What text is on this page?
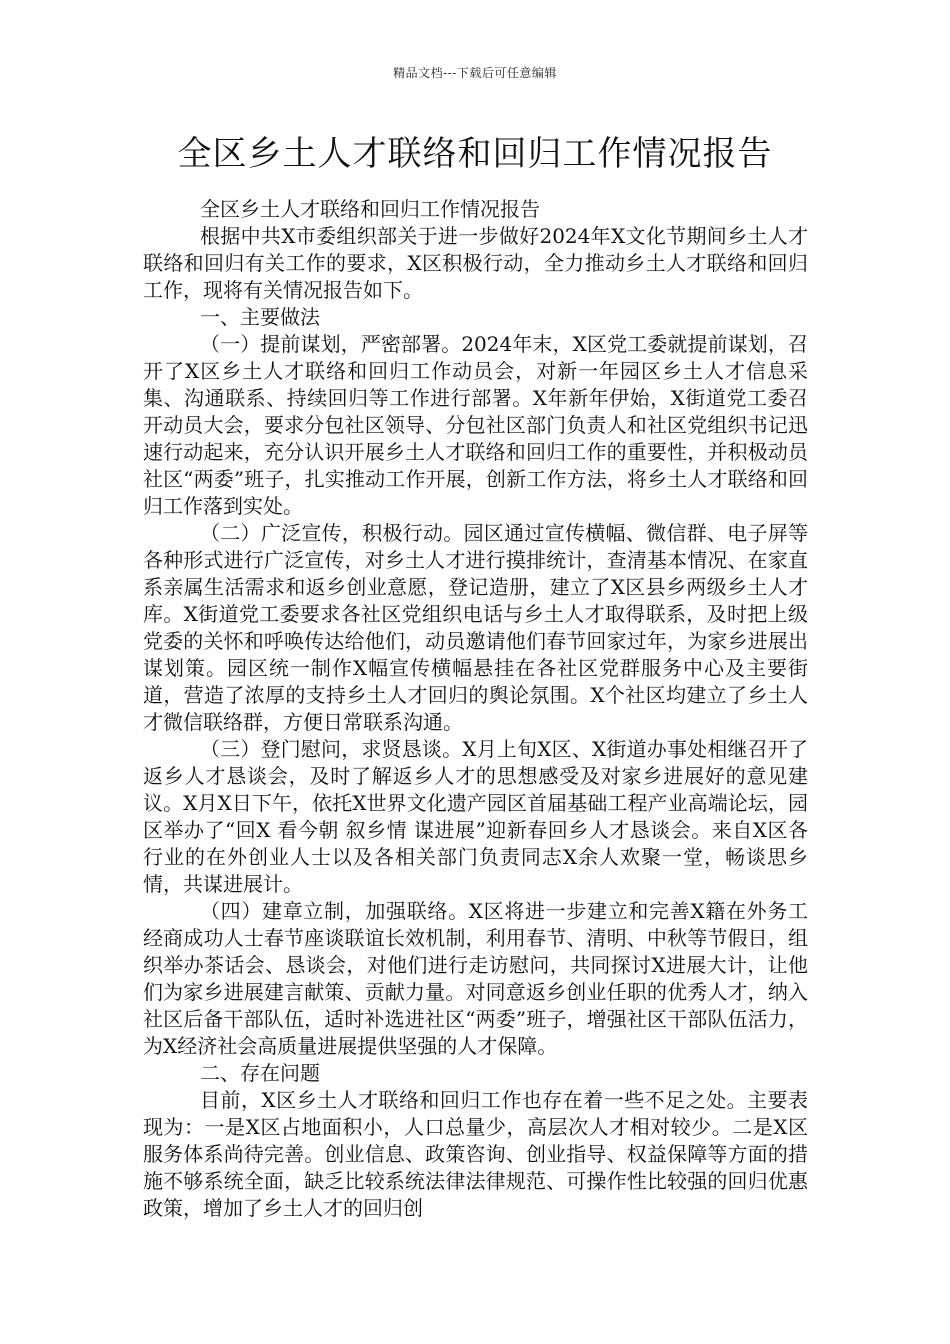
精品文档---下载后可任意编辑
全区乡土人才联络和回归工作情况报告

全区乡土人才联络和回归工作情况报告

根据中共X市委组织部关于进一步做好2024年X文化节期间乡土人才联络和回归有关工作的要求，X区积极行动，全力推动乡土人才联络和回归工作，现将有关情况报告如下。

一、主要做法

（一）提前谋划，严密部署。2024年末，X区党工委就提前谋划，召开了X区乡土人才联络和回归工作动员会，对新一年园区乡土人才信息采集、沟通联系、持续回归等工作进行部署。X年新年伊始，X街道党工委召开动员大会，要求分包社区领导、分包社区部门负责人和社区党组织书记迅速行动起来，充分认识开展乡土人才联络和回归工作的重要性，并积极动员社区“两委”班子，扎实推动工作开展，创新工作方法，将乡土人才联络和回归工作落到实处。

（二）广泛宣传，积极行动。园区通过宣传横幅、微信群、电子屏等各种形式进行广泛宣传，对乡土人才进行摸排统计，查清基本情况、在家直系亲属生活需求和返乡创业意愿，登记造册，建立了X区县乡两级乡土人才库。X街道党工委要求各社区党组织电话与乡土人才取得联系，及时把上级党委的关怀和呼唤传达给他们，动员邀请他们春节回家过年，为家乡进展出谋划策。园区统一制作X幅宣传横幅悬挂在各社区党群服务中心及主要街道，营造了浓厚的支持乡土人才回归的舆论氛围。X个社区均建立了乡土人才微信联络群，方便日常联系沟通。

（三）登门慰问，求贤恳谈。X月上旬X区、X街道办事处相继召开了返乡人才恳谈会，及时了解返乡人才的思想感受及对家乡进展好的意见建议。X月X日下午，依托X世界文化遗产园区首届基础工程产业高端论坛，园区举办了“回X 看今朝 叙乡情 谋进展”迎新春回乡人才恳谈会。来自X区各行业的在外创业人士以及各相关部门负责同志X余人欢聚一堂，畅谈思乡情，共谋进展计。

（四）建章立制，加强联络。X区将进一步建立和完善X籍在外务工经商成功人士春节座谈联谊长效机制，利用春节、清明、中秋等节假日，组织举办茶话会、恳谈会，对他们进行走访慰问，共同探讨X进展大计，让他们为家乡进展建言献策、贡献力量。对同意返乡创业任职的优秀人才，纳入社区后备干部队伍，适时补选进社区“两委”班子，增强社区干部队伍活力，为X经济社会高质量进展提供坚强的人才保障。

二、存在问题

目前，X区乡土人才联络和回归工作也存在着一些不足之处。主要表现为：一是X区占地面积小，人口总量少，高层次人才相对较少。二是X区服务体系尚待完善。创业信息、政策咨询、创业指导、权益保障等方面的措施不够系统全面，缺乏比较系统法律法律规范、可操作性比较强的回归优惠政策，增加了乡土人才的回归创
